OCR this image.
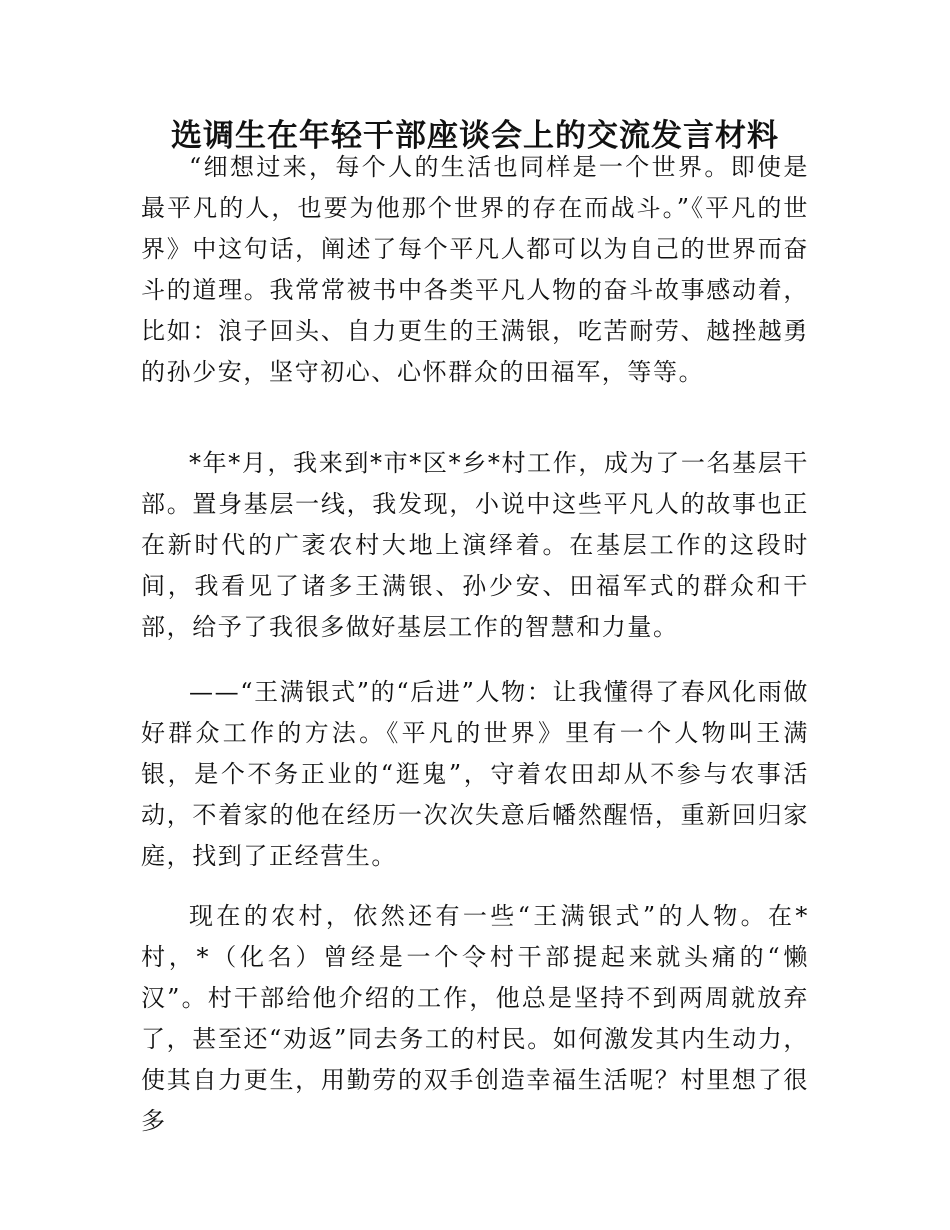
选调生在年轻干部座谈会上的交流发言材料

“细想过来，每个人的生活也同样是一个世界。即使是最平凡的人，也要为他那个世界的存在而战斗。”《平凡的世界》中这句话，阐述了每个平凡人都可以为自己的世界而奋斗的道理。我常常被书中各类平凡人物的奋斗故事感动着，比如：浪子回头、自力更生的王满银，吃苦耐劳、越挫越勇的孙少安，坚守初心、心怀群众的田福军，等等。

*年*月，我来到*市*区*乡*村工作，成为了一名基层干部。置身基层一线，我发现，小说中这些平凡人的故事也正在新时代的广袤农村大地上演绎着。在基层工作的这段时间，我看见了诸多王满银、孙少安、田福军式的群众和干部，给予了我很多做好基层工作的智慧和力量。

——“王满银式”的“后进”人物：让我懂得了春风化雨做好群众工作的方法。《平凡的世界》里有一个人物叫王满银，是个不务正业的“逛鬼”，守着农田却从不参与农事活动，不着家的他在经历一次次失意后幡然醒悟，重新回归家庭，找到了正经营生。

现在的农村，依然还有一些“王满银式”的人物。在*村，*（化名）曾经是一个令村干部提起来就头痛的“懒汉”。村干部给他介绍的工作，他总是坚持不到两周就放弃了，甚至还“劝返”同去务工的村民。如何激发其内生动力，使其自力更生，用勤劳的双手创造幸福生活呢？村里想了很多
